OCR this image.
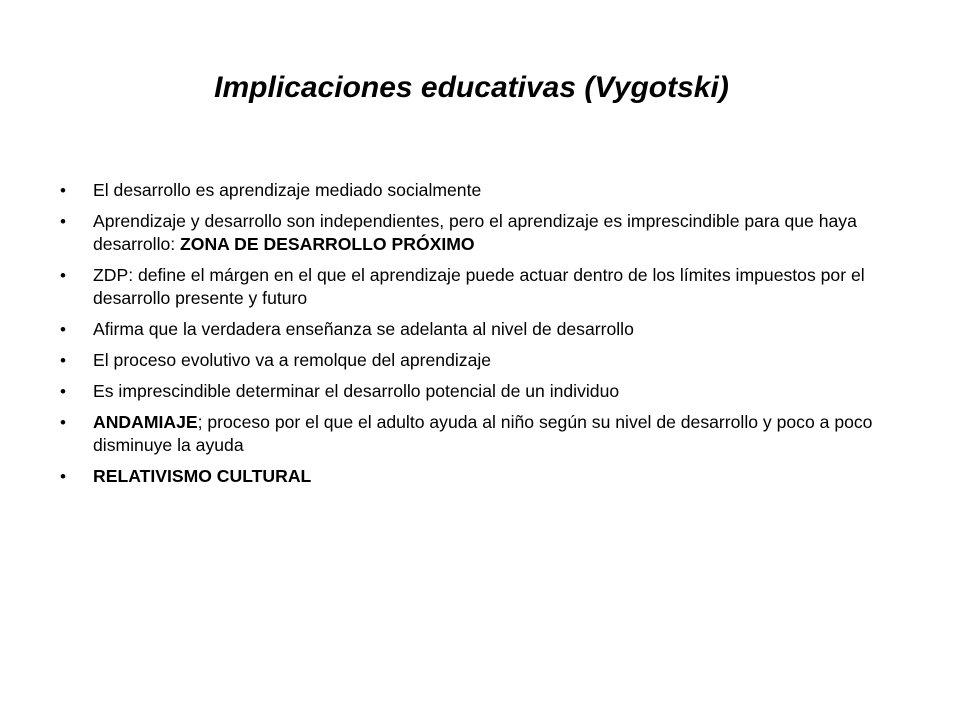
Implicaciones educativas (Vygotski)
• El desarrollo es aprendizaje mediado socialmente
• Aprendizaje y desarrollo son independientes, pero el aprendizaje es imprescindible para que haya desarrollo: ZONA DE DESARROLLO PRÓXIMO
• ZDP: define el márgen en el que el aprendizaje puede actuar dentro de los límites impuestos por el desarrollo presente y futuro
• Afirma que la verdadera enseñanza se adelanta al nivel de desarrollo
• El proceso evolutivo va a remolque del aprendizaje
• Es imprescindible determinar el desarrollo potencial de un individuo
• ANDAMIAJE; proceso por el que el adulto ayuda al niño según su nivel de desarrollo y poco a poco disminuye la ayuda
• RELATIVISMO CULTURAL
